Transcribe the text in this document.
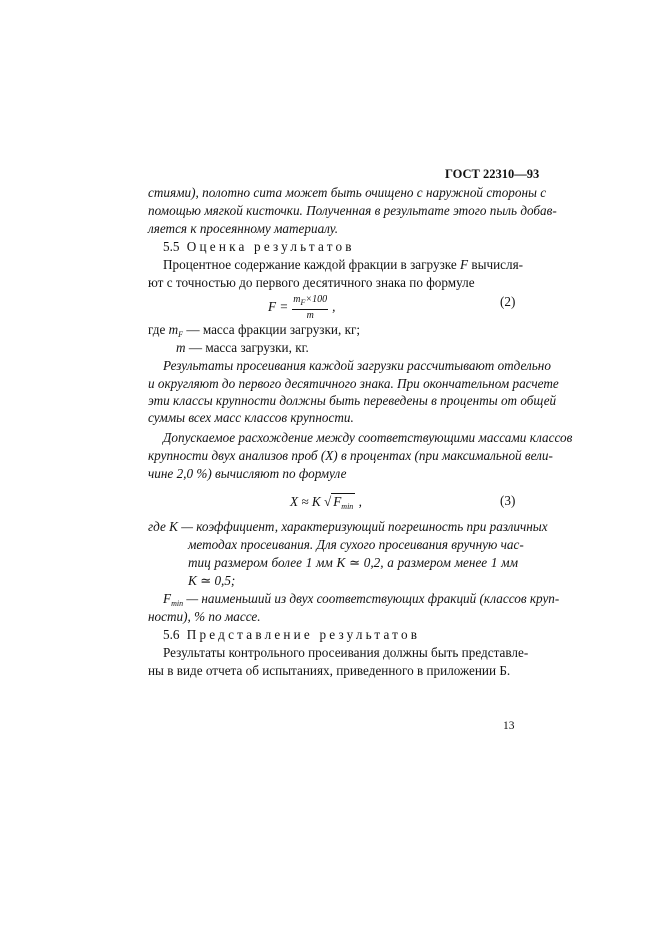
ГОСТ 22310—93
стиями), полотно сита может быть очищено с наружной стороны с
помощью мягкой кисточки. Полученная в результате этого пыль добав-
ляется к просеянному материалу.
5.5 Оценка результатов
Процентное содержание каждой фракции в загрузке F вычисля-
ют с точностью до первого десятичного знака по формуле
$F = \frac{m_F\times 100}{m}$ ,	(2)
где $m_F$ — масса фракции загрузки, кг;
m — масса загрузки, кг.
Результаты просеивания каждой загрузки рассчитывают отдельно
и округляют до первого десятичного знака. При окончательном расчете
эти классы крупности должны быть переведены в проценты от общей
суммы всех масс классов крупности.
Допускаемое расхождение между соответствующими массами классов
крупности двух анализов проб (X) в процентах (при максимальной вели-
чине 2,0 %) вычисляют по формуле
X ≈ K √ $F_{min}$ ,	(3)
где K — коэффициент, характеризующий погрешность при различных
методах просеивания. Для сухого просеивания вручную час-
тиц размером более 1 мм K ≃ 0,2, а размером менее 1 мм
K ≃ 0,5;
$F_{min}$ — наименьший из двух соответствующих фракций (классов круп-
ности), % по массе.
5.6 Представление результатов
Результаты контрольного просеивания должны быть представле-
ны в виде отчета об испытаниях, приведенного в приложении Б.
13
